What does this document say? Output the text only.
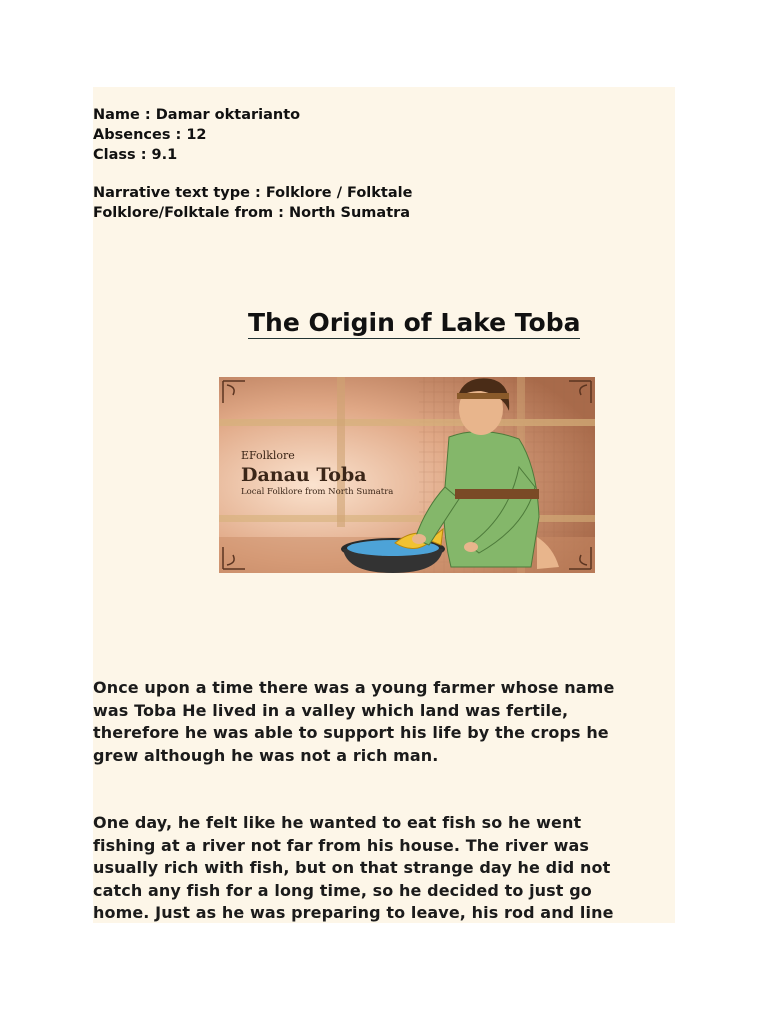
Name : Damar oktarianto
Absences : 12
Class : 9.1
Narrative text type : Folklore / Folktale
Folklore/Folktale from : North Sumatra
The Origin of Lake Toba
EFolklore
Danau Toba
Local Folklore from North Sumatra
Once upon a time there was a young farmer whose name
was Toba He lived in a valley which land was fertile,
therefore he was able to support his life by the crops he
grew although he was not a rich man.
One day, he felt like he wanted to eat fish so he went
fishing at a river not far from his house. The river was
usually rich with fish, but on that strange day he did not
catch any fish for a long time, so he decided to just go
home. Just as he was preparing to leave, his rod and line
